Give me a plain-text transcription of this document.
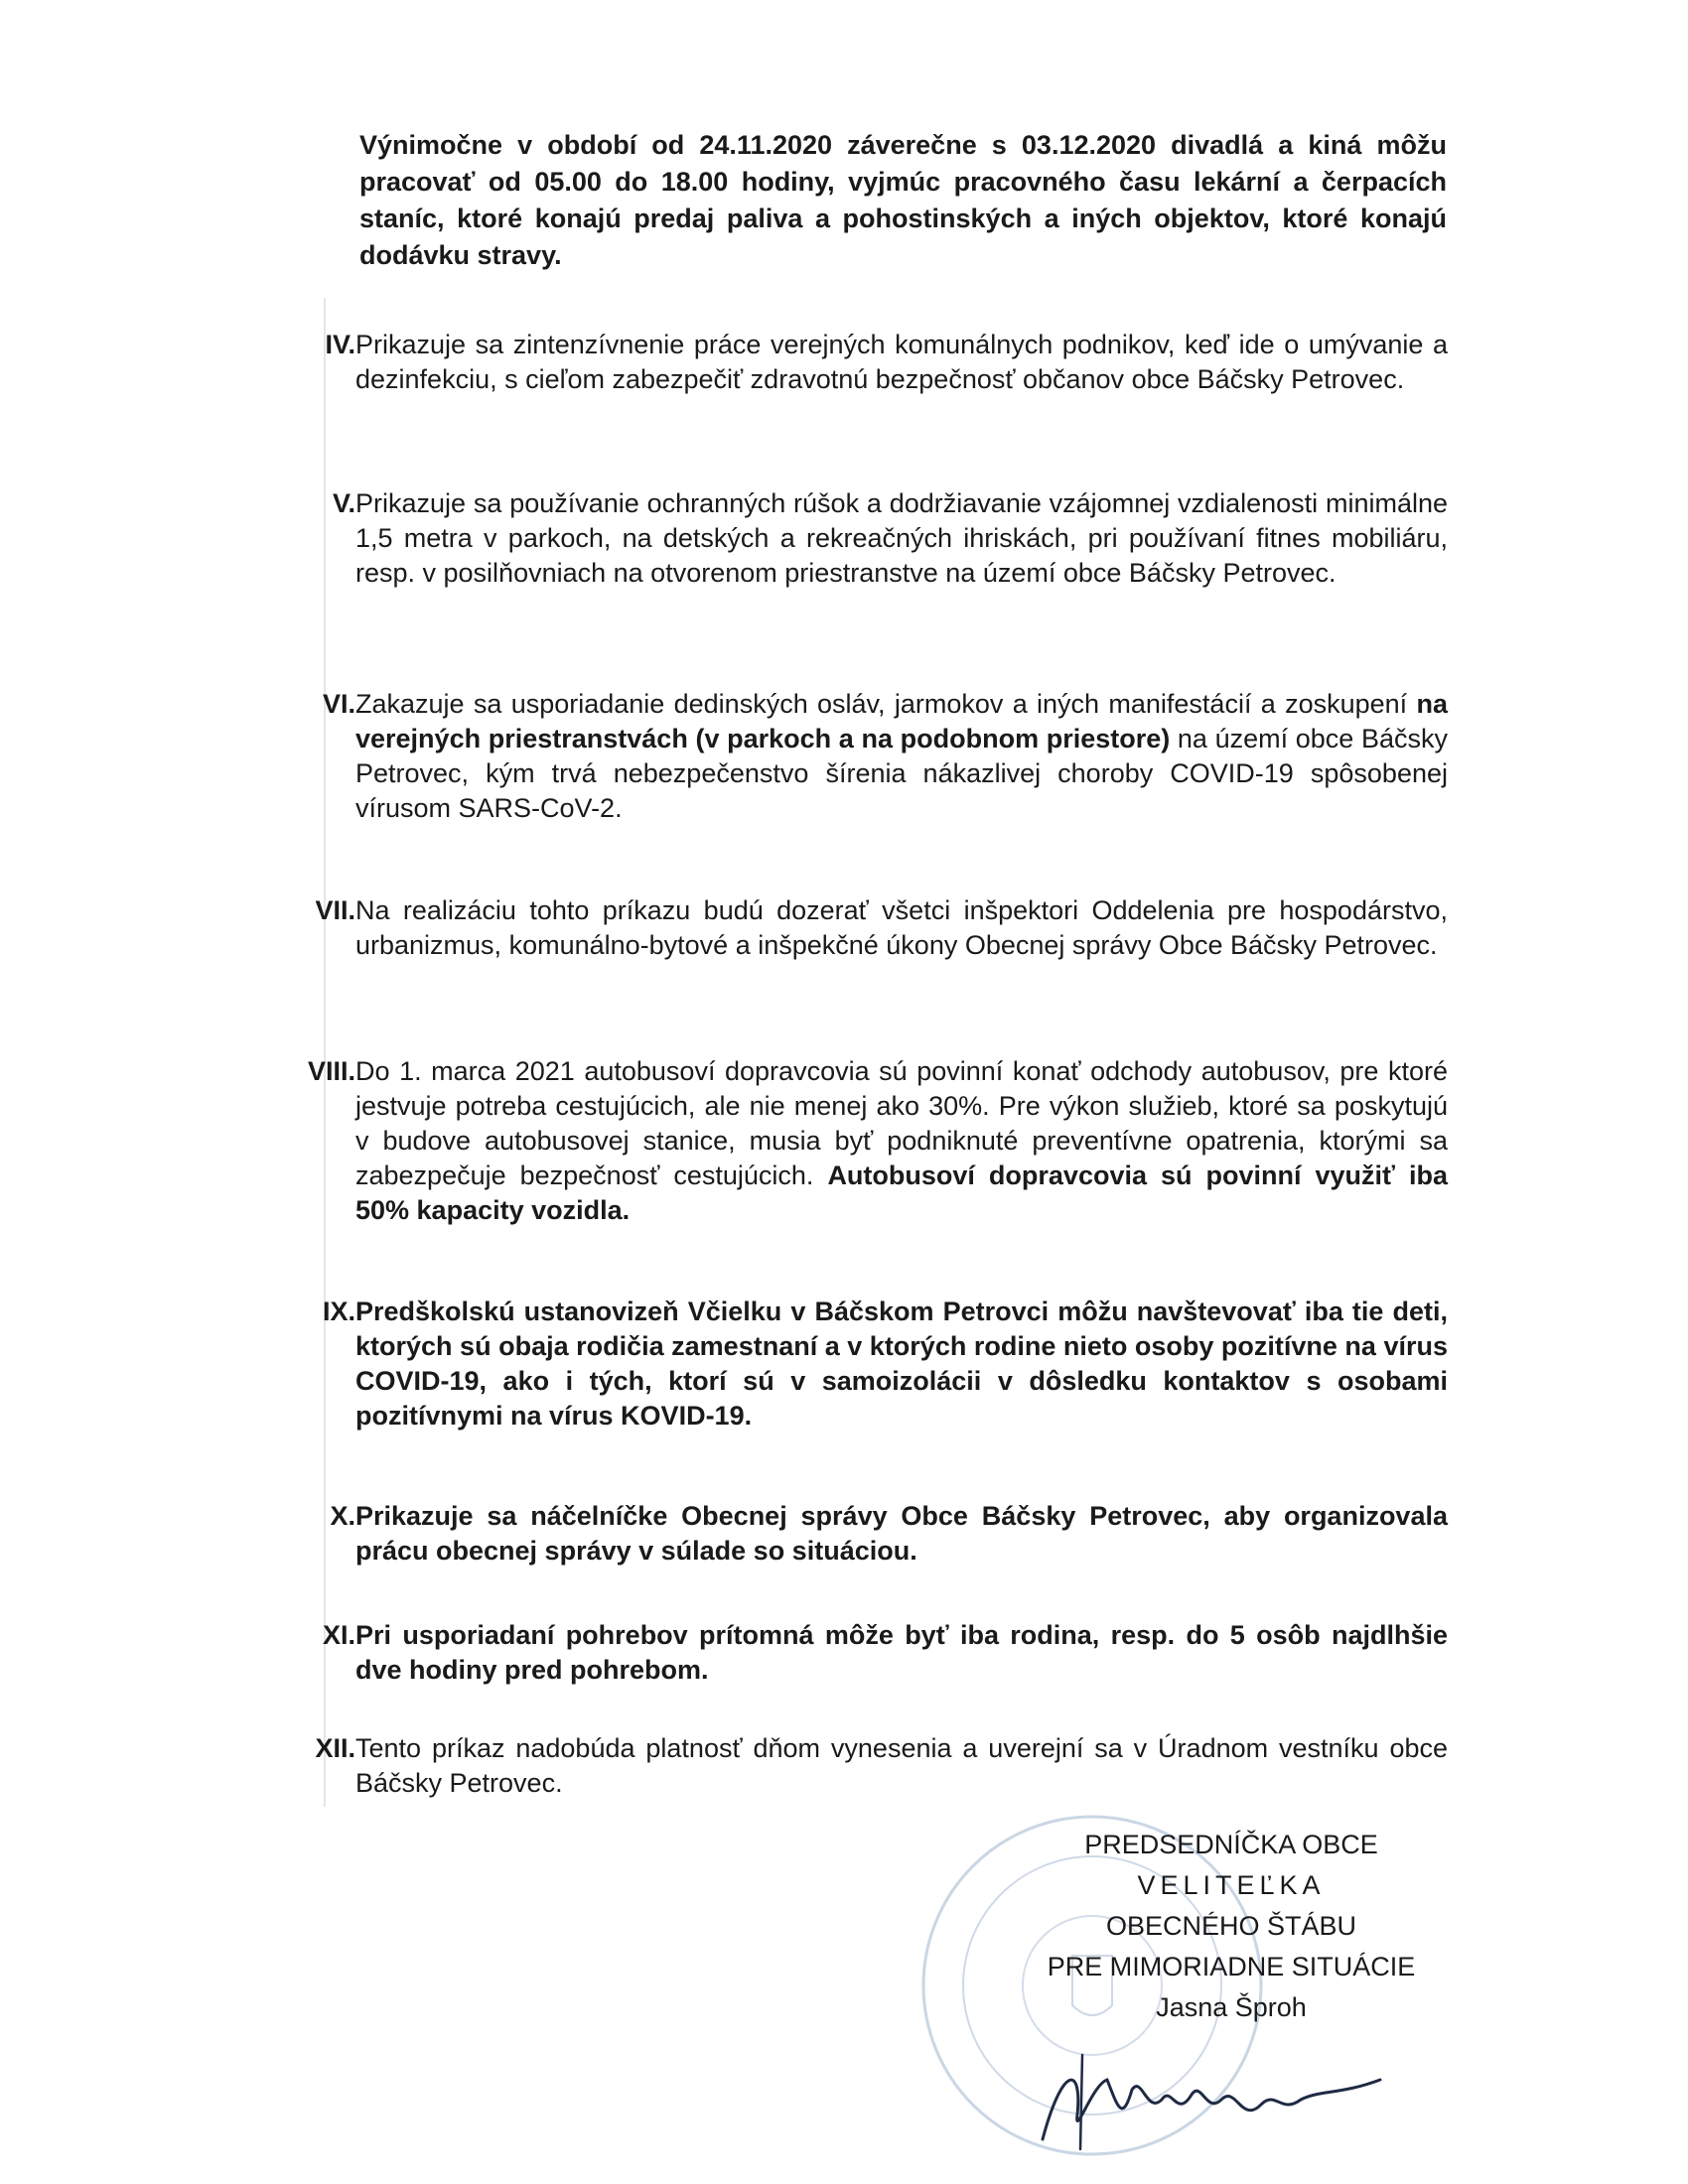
Výnimočne v období od 24.11.2020 záverečne s 03.12.2020 divadlá a kiná môžu pracovať od 05.00 do 18.00 hodiny, vyjmúc pracovného času lekární a čerpacích staníc, ktoré konajú predaj paliva a pohostinských a iných objektov, ktoré konajú dodávku stravy.
IV. Prikazuje sa zintenzívnenie práce verejných komunálnych podnikov, keď ide o umývanie a dezinfekciu, s cieľom zabezpečiť zdravotnú bezpečnosť občanov obce Báčsky Petrovec.
V. Prikazuje sa používanie ochranných rúšok a dodržiavanie vzájomnej vzdialenosti minimálne 1,5 metra v parkoch, na detských a rekreačných ihriskách, pri používaní fitnes mobiliáru, resp. v posilňovniach na otvorenom priestranstve na území obce Báčsky Petrovec.
VI. Zakazuje sa usporiadanie dedinských osláv, jarmokov a iných manifestácií a zoskupení na verejných priestranstvách (v parkoch a na podobnom priestore) na území obce Báčsky Petrovec, kým trvá nebezpečenstvo šírenia nákazlivej choroby COVID-19 spôsobenej vírusom SARS-CoV-2.
VII. Na realizáciu tohto príkazu budú dozerať všetci inšpektori Oddelenia pre hospodárstvo, urbanizmus, komunálno-bytové a inšpekčné úkony Obecnej správy Obce Báčsky Petrovec.
VIII. Do 1. marca 2021 autobusoví dopravcovia sú povinní konať odchody autobusov, pre ktoré jestvuje potreba cestujúcich, ale nie menej ako 30%. Pre výkon služieb, ktoré sa poskytujú v budove autobusovej stanice, musia byť podniknuté preventívne opatrenia, ktorými sa zabezpečuje bezpečnosť cestujúcich. Autobusoví dopravcovia sú povinní využiť iba 50% kapacity vozidla.
IX. Predškolskú ustanovizeň Včielku v Báčskom Petrovci môžu navštevovať iba tie deti, ktorých sú obaja rodičia zamestnaní a v ktorých rodine nieto osoby pozitívne na vírus COVID-19, ako i tých, ktorí sú v samoizolácii v dôsledku kontaktov s osobami pozitívnymi na vírus KOVID-19.
X. Prikazuje sa náčelníčke Obecnej správy Obce Báčsky Petrovec, aby organizovala prácu obecnej správy v súlade so situáciou.
XI. Pri usporiadaní pohrebov prítomná môže byť iba rodina, resp. do 5 osôb najdlhšie dve hodiny pred pohrebom.
XII. Tento príkaz nadobúda platnosť dňom vynesenia a uverejní sa v Úradnom vestníku obce Báčsky Petrovec.
PREDSEDNÍČKA OBCE
VELITEĽKA
OBECNÉHO ŠTÁBU
PRE MIMORIADNE SITUÁCIE
Jasna Šproh
